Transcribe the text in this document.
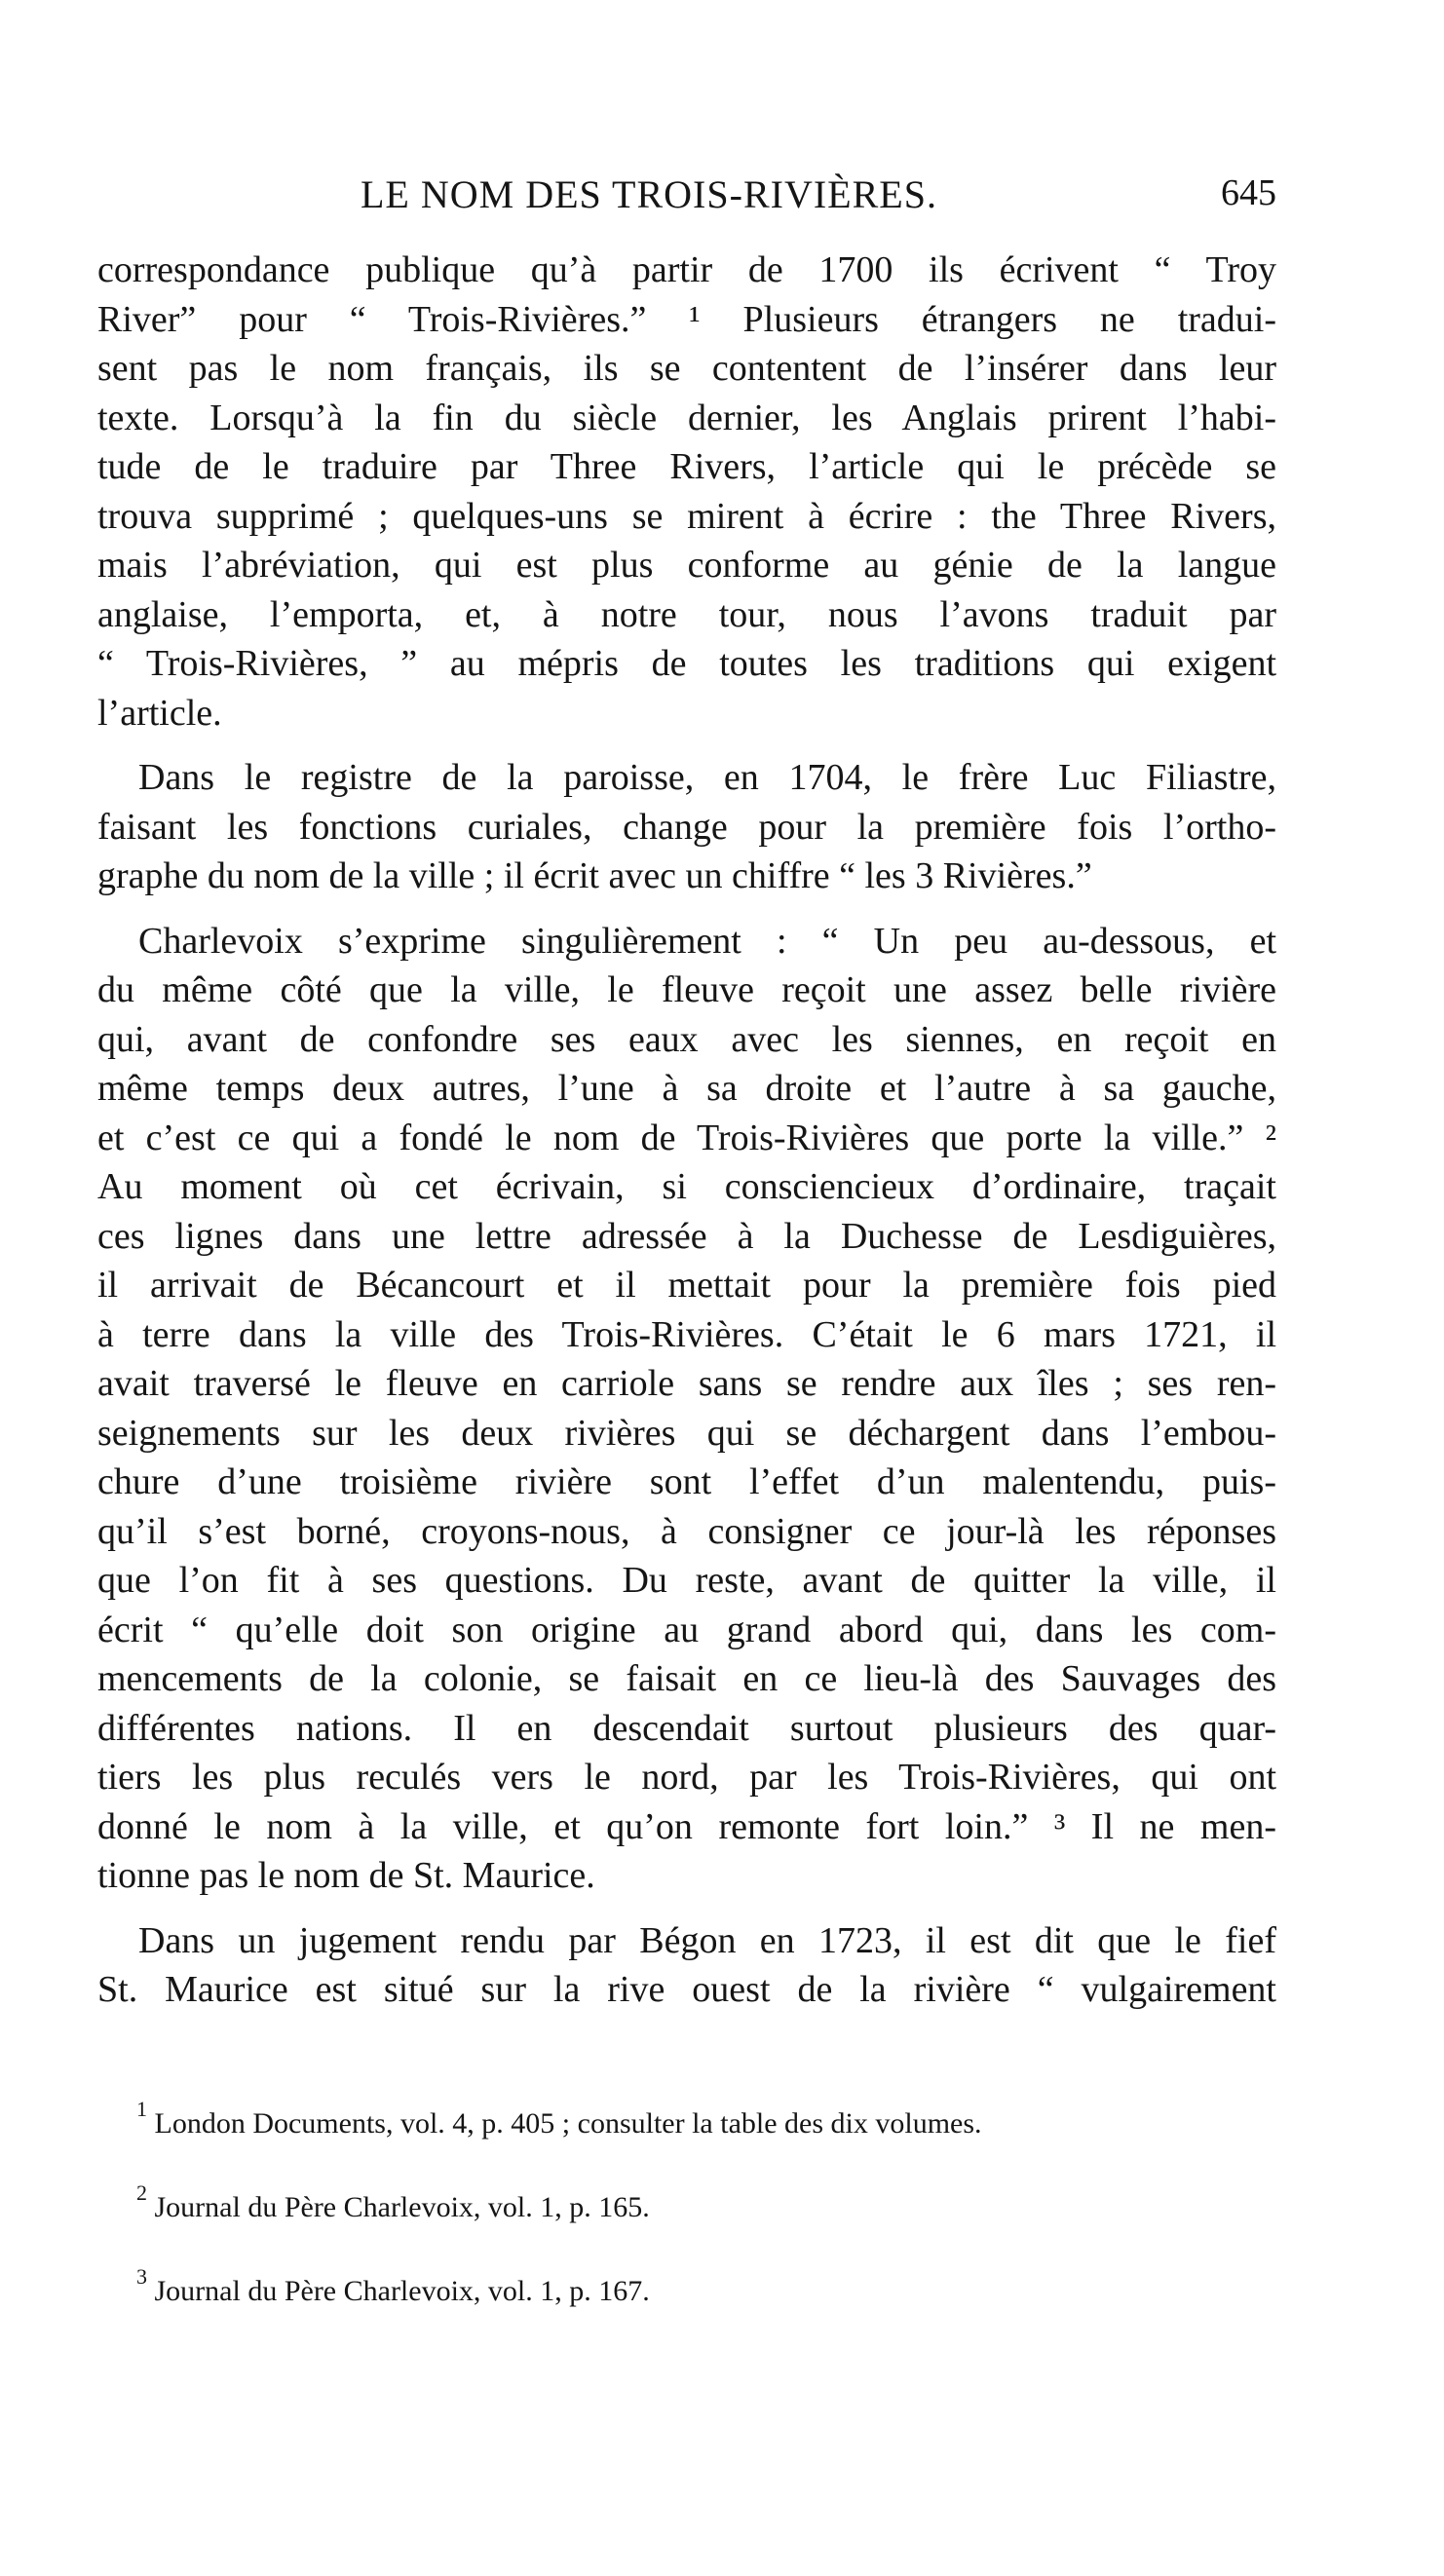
LE NOM DES TROIS-RIVIÈRES.	645
correspondance publique qu’à partir de 1700 ils écrivent “ Troy
River” pour “ Trois-Rivières.” ¹ Plusieurs étrangers ne tradui-
sent pas le nom français, ils se contentent de l’insérer dans leur
texte. Lorsqu’à la fin du siècle dernier, les Anglais prirent l’habi-
tude de le traduire par Three Rivers, l’article qui le précède se
trouva supprimé ; quelques-uns se mirent à écrire : the Three Rivers,
mais l’abréviation, qui est plus conforme au génie de la langue
anglaise, l’emporta, et, à notre tour, nous l’avons traduit par
“ Trois-Rivières, ” au mépris de toutes les traditions qui exigent
l’article.
Dans le registre de la paroisse, en 1704, le frère Luc Filiastre,
faisant les fonctions curiales, change pour la première fois l’ortho-
graphe du nom de la ville ; il écrit avec un chiffre “ les 3 Rivières.”
Charlevoix s’exprime singulièrement : “ Un peu au-dessous, et
du même côté que la ville, le fleuve reçoit une assez belle rivière
qui, avant de confondre ses eaux avec les siennes, en reçoit en
même temps deux autres, l’une à sa droite et l’autre à sa gauche,
et c’est ce qui a fondé le nom de Trois-Rivières que porte la ville.” ²
Au moment où cet écrivain, si consciencieux d’ordinaire, traçait
ces lignes dans une lettre adressée à la Duchesse de Lesdiguières,
il arrivait de Bécancourt et il mettait pour la première fois pied
à terre dans la ville des Trois-Rivières. C’était le 6 mars 1721, il
avait traversé le fleuve en carriole sans se rendre aux îles ; ses ren-
seignements sur les deux rivières qui se déchargent dans l’embou-
chure d’une troisième rivière sont l’effet d’un malentendu, puis-
qu’il s’est borné, croyons-nous, à consigner ce jour-là les réponses
que l’on fit à ses questions. Du reste, avant de quitter la ville, il
écrit “ qu’elle doit son origine au grand abord qui, dans les com-
mencements de la colonie, se faisait en ce lieu-là des Sauvages des
différentes nations. Il en descendait surtout plusieurs des quar-
tiers les plus reculés vers le nord, par les Trois-Rivières, qui ont
donné le nom à la ville, et qu’on remonte fort loin.” ³ Il ne men-
tionne pas le nom de St. Maurice.
Dans un jugement rendu par Bégon en 1723, il est dit que le fief
St. Maurice est situé sur la rive ouest de la rivière “ vulgairement
$^1$ London Documents, vol. 4, p. 405 ; consulter la table des dix volumes.
$^2$ Journal du Père Charlevoix, vol. 1, p. 165.
$^3$ Journal du Père Charlevoix, vol. 1, p. 167.
